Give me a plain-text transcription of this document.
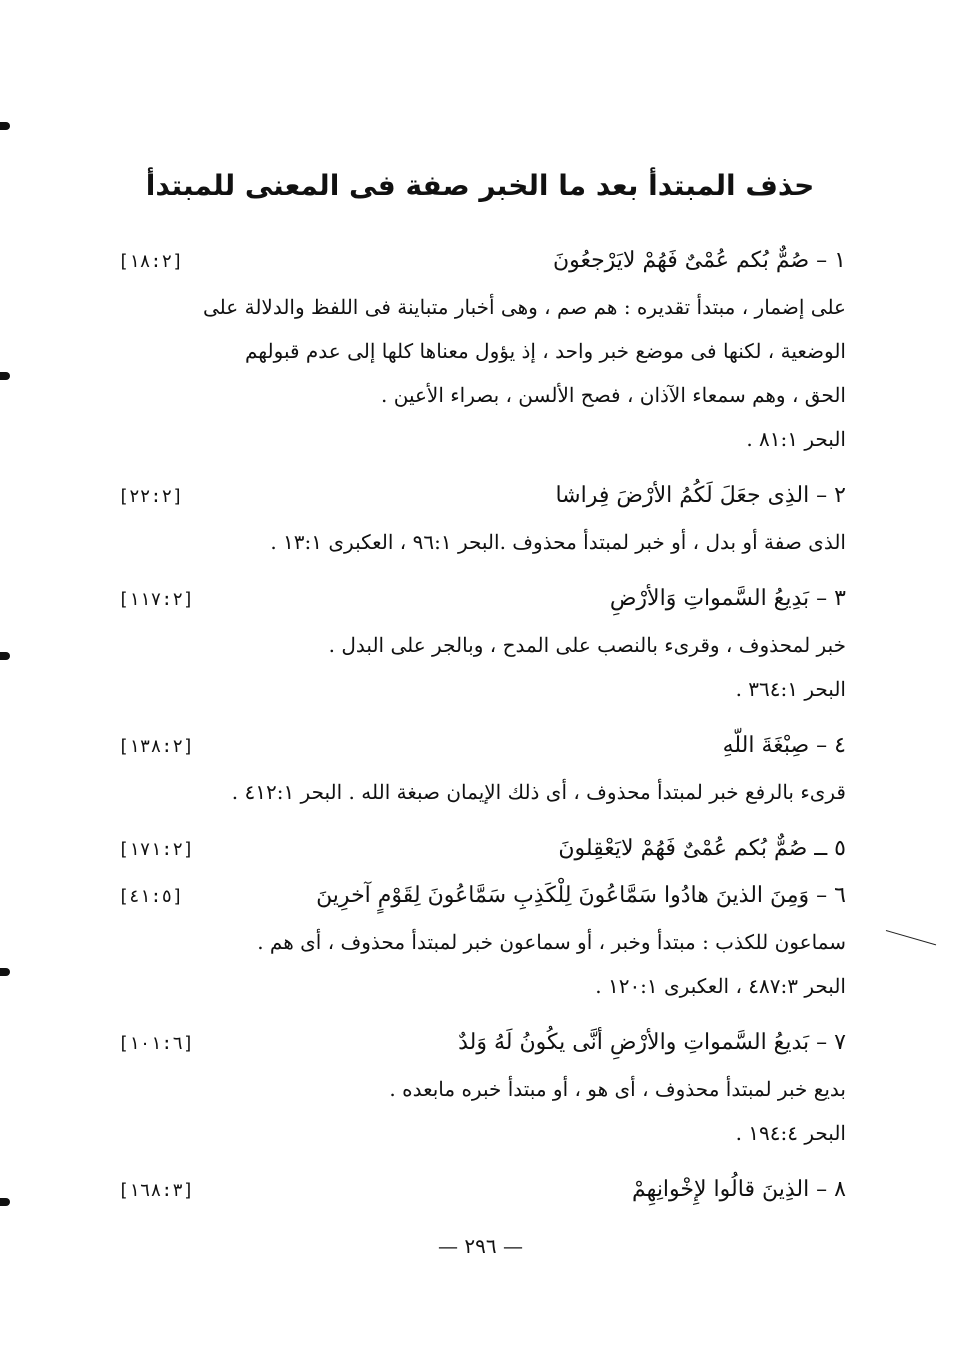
حذف المبتدأ بعد ما الخبر صفة فى المعنى للمبتدأ
١ – صُمٌّ بُكم عُمْىٌ فَهُمْ لايَرْجعُونَ
[١٨:٢]
على إضمار ، مبتدأ تقديره : هم صم ، وهى أخبار متباينة فى اللفظ والدلالة على
الوضعية ، لكنها فى موضع خبر واحد ، إذ يؤول معناها كلها إلى عدم قبولهم
الحق ، وهم سمعاء الآذان ، فصح الألسن ، بصراء الأعين .
البحر ٨١:١ .
٢ – الذِى جعَلَ لَكُمُ الأرْضَ فِراشا
[٢٢:٢]
الذى صفة أو بدل ، أو خبر لمبتدأ محذوف .البحر ٩٦:١ ، العكبرى ١٣:١ .
٣ – بَدِيعُ السَّمواتِ وَالأرْضِ
[١١٧:٢]
خبر لمحذوف ، وقرىء بالنصب على المدح ، وبالجر على البدل .
البحر ٣٦٤:١ .
٤ – صِبْغَةَ اللّهِ
[١٣٨:٢]
قرىء بالرفع خبر لمبتدأ محذوف ، أى ذلك الإيمان صبغة الله . البحر ٤١٢:١ .
٥ ــ صُمٌّ بُكم عُمْىٌ فَهُمْ لايَعْقِلونَ
[١٧١:٢]
٦ – وَمِنَ الذينَ هادُوا سَمَّاعُونَ لِلْكَذِبِ سَمَّاعُونَ لِقَوْمٍ آخرِينَ
[٤١:٥]
سماعون للكذب : مبتدأ وخبر ، أو سماعون خبر لمبتدأ محذوف ، أى هم .
البحر ٤٨٧:٣ ، العكبرى ١٢٠:١ .
٧ – بَديعُ السَّمواتِ والأرْضِ أنَّى يكُونُ لَهُ وَلدٌ
[١٠١:٦]
بديع خبر لمبتدأ محذوف ، أى هو ، أو مبتدأ خبره مابعده .
البحر ١٩٤:٤ .
٨ – الذِينَ قالُوا لإِخْوانِهِمْ
[١٦٨:٣]
— ٢٩٦ —
